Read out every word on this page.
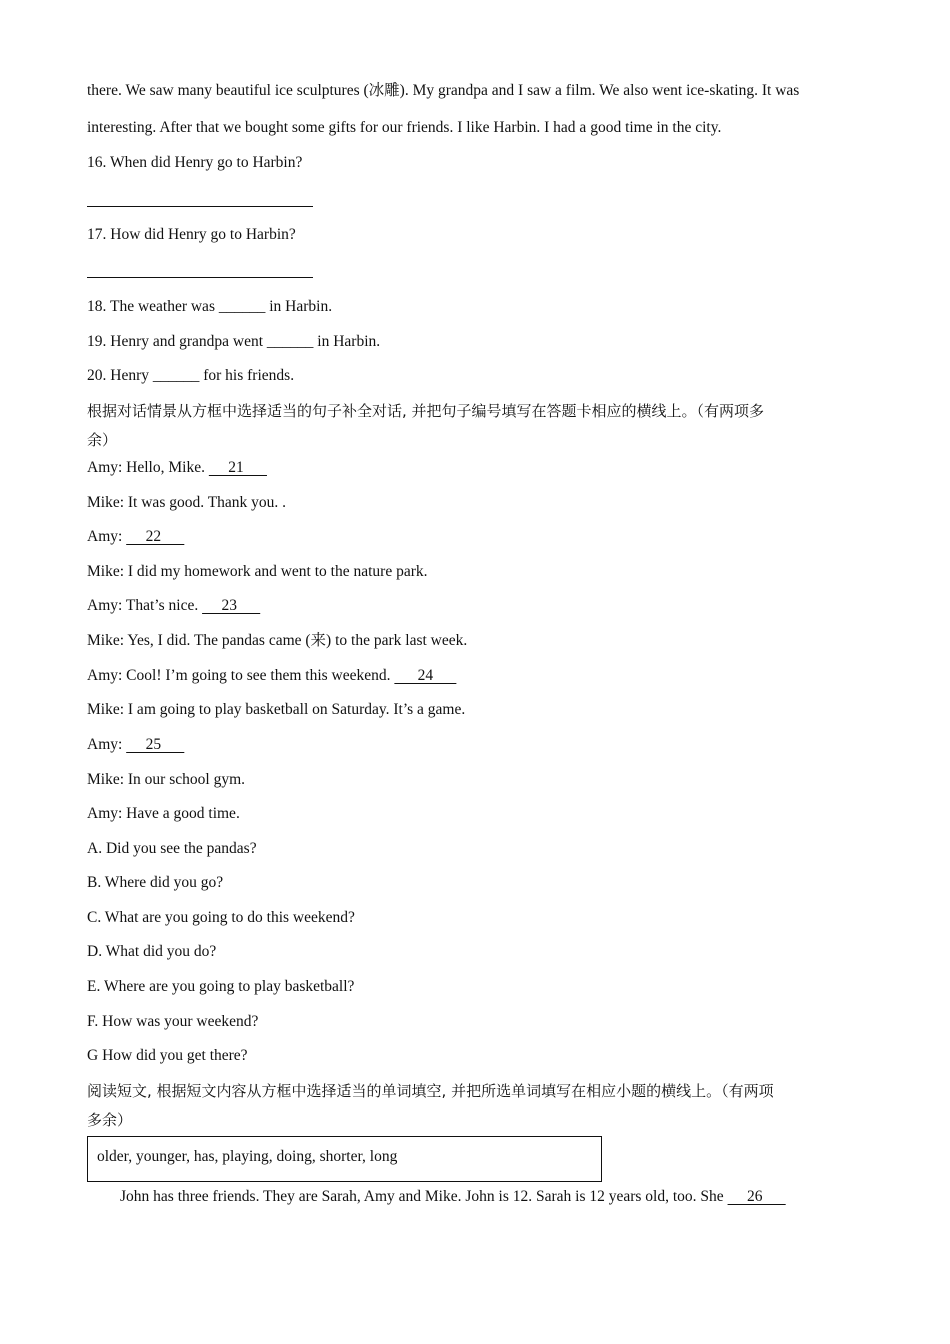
there. We saw many beautiful ice sculptures (冰雕). My grandpa and I saw a film. We also went ice-skating. It was
interesting. After that we bought some gifts for our friends. I like Harbin. I had a good time in the city.
16. When did Henry go to Harbin?
17. How did Henry go to Harbin?
18. The weather was ______ in Harbin.
19. Henry and grandpa went ______ in Harbin.
20. Henry ______ for his friends.
根据对话情景从方框中选择适当的句子补全对话, 并把句子编号填写在答题卡相应的横线上。（有两项多
余）
Amy: Hello, Mike.      21
Mike: It was good. Thank you. .
Amy:      22
Mike: I did my homework and went to the nature park.
Amy: That’s nice.      23
Mike: Yes, I did. The pandas came (来) to the park last week.
Amy: Cool! I’m going to see them this weekend.       24
Mike: I am going to play basketball on Saturday. It’s a game.
Amy:      25
Mike: In our school gym.
Amy: Have a good time.
A. Did you see the pandas?
B. Where did you go?
C. What are you going to do this weekend?
D. What did you do?
E. Where are you going to play basketball?
F. How was your weekend?
G How did you get there?
阅读短文, 根据短文内容从方框中选择适当的单词填空, 并把所选单词填写在相应小题的横线上。（有两项
多余）
older, younger, has, playing, doing, shorter, long
John has three friends. They are Sarah, Amy and Mike. John is 12. Sarah is 12 years old, too. She      26
